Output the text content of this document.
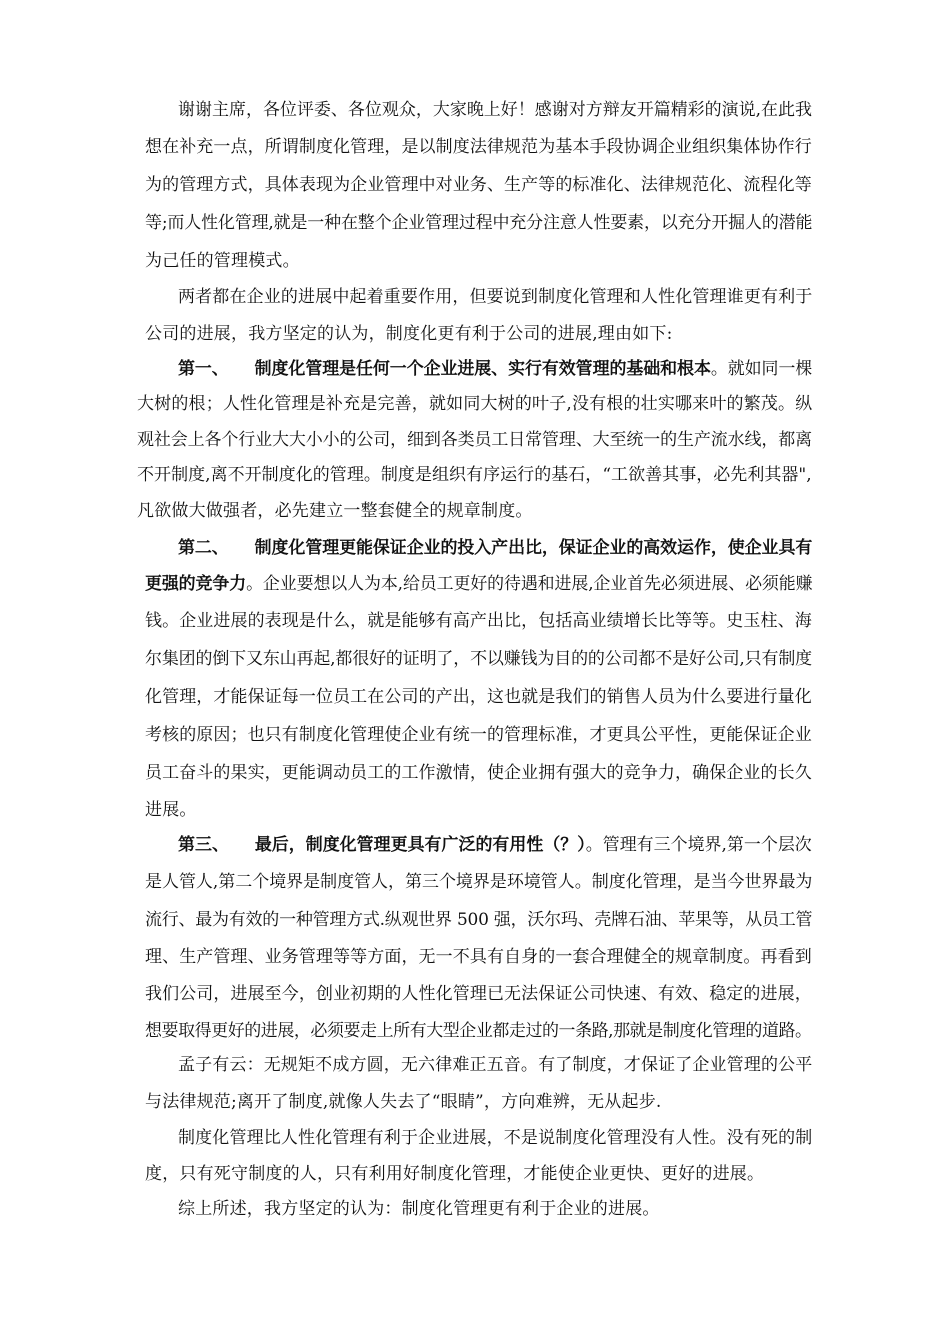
谢谢主席，各位评委、各位观众，大家晚上好！感谢对方辩友开篇精彩的演说,在此我
想在补充一点，所谓制度化管理，是以制度法律规范为基本手段协调企业组织集体协作行
为的管理方式，具体表现为企业管理中对业务、生产等的标准化、法律规范化、流程化等
等;而人性化管理,就是一种在整个企业管理过程中充分注意人性要素，以充分开掘人的潜能
为己任的管理模式。
两者都在企业的进展中起着重要作用，但要说到制度化管理和人性化管理谁更有利于
公司的进展，我方坚定的认为，制度化更有利于公司的进展,理由如下:
第一、 制度化管理是任何一个企业进展、实行有效管理的基础和根本。就如同一棵
大树的根；人性化管理是补充是完善，就如同大树的叶子,没有根的壮实哪来叶的繁茂。纵
观社会上各个行业大大小小的公司，细到各类员工日常管理、大至统一的生产流水线，都离
不开制度,离不开制度化的管理。制度是组织有序运行的基石，“工欲善其事，必先利其器",
凡欲做大做强者，必先建立一整套健全的规章制度。
第二、 制度化管理更能保证企业的投入产出比，保证企业的高效运作，使企业具有
更强的竞争力。企业要想以人为本,给员工更好的待遇和进展,企业首先必须进展、必须能赚
钱。企业进展的表现是什么，就是能够有高产出比，包括高业绩增长比等等。史玉柱、海
尔集团的倒下又东山再起,都很好的证明了，不以赚钱为目的的公司都不是好公司,只有制度
化管理，才能保证每一位员工在公司的产出，这也就是我们的销售人员为什么要进行量化
考核的原因；也只有制度化管理使企业有统一的管理标准，才更具公平性，更能保证企业
员工奋斗的果实，更能调动员工的工作激情，使企业拥有强大的竞争力，确保企业的长久
进展。
第三、 最后，制度化管理更具有广泛的有用性（？）。管理有三个境界,第一个层次
是人管人,第二个境界是制度管人，第三个境界是环境管人。制度化管理，是当今世界最为
流行、最为有效的一种管理方式.纵观世界 500 强，沃尔玛、壳牌石油、苹果等，从员工管
理、生产管理、业务管理等等方面，无一不具有自身的一套合理健全的规章制度。再看到
我们公司，进展至今，创业初期的人性化管理已无法保证公司快速、有效、稳定的进展，
想要取得更好的进展，必须要走上所有大型企业都走过的一条路,那就是制度化管理的道路。
孟子有云：无规矩不成方圆，无六律难正五音。有了制度，才保证了企业管理的公平
与法律规范;离开了制度,就像人失去了“眼睛”，方向难辨，无从起步.
制度化管理比人性化管理有利于企业进展，不是说制度化管理没有人性。没有死的制
度，只有死守制度的人，只有利用好制度化管理，才能使企业更快、更好的进展。
综上所述，我方坚定的认为：制度化管理更有利于企业的进展。
